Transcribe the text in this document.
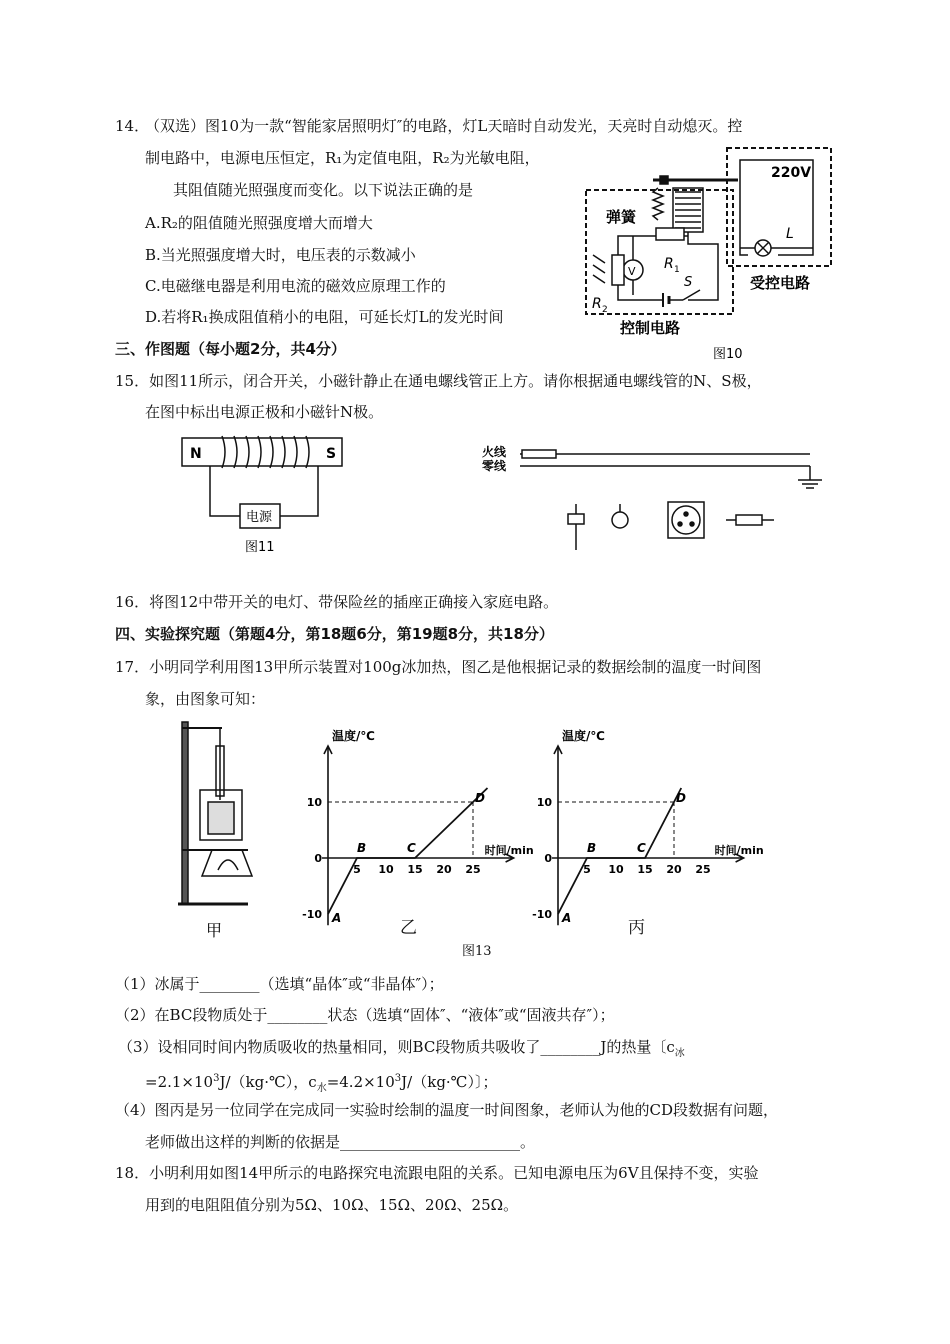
14．
（双选）图10为一款“智能家居照明灯″的电路，灯L天暗时自动发光，天亮时自动熄灭。控
制电路中，电源电压恒定，R₁为定值电阻，R₂为光敏电阻，
其阻值随光照强度而变化。以下说法正确的是
A.R₂的阻值随光照强度增大而增大
B.当光照强度增大时，电压表的示数减小
C.电磁继电器是利用电流的磁效应原理工作的
D.若将R₁换成阻值稍小的电阻，可延长灯L的发光时间
弹簧
220V
L
R 1
R 2
V
S	受控电路
控制电路
图10
三、作图题（每小题2分，共4分）
15．如图11所示，闭合开关，小磁针静止在通电螺线管正上方。请你根据通电螺线管的N、S极，
在图中标出电源正极和小磁针N极。
N	S
电源
图11
火线
零线
16．将图12中带开关的电灯、带保险丝的插座正确接入家庭电路。
四、实验探究题（第题4分，第18题6分，第19题8分，共18分）
17．小明同学利用图13甲所示装置对100g冰加热，图乙是他根据记录的数据绘制的温度一时间图
象，由图象可知：
甲
温度/℃
时间/min
10
0
-10
5 10 15 20 25
A
B	C
D
温度/℃
时间/min
10
0
-10
5 10 15 20 25
A
B	C
D
乙	丙
图13
（1）冰属于________（选填“晶体″或“非晶体″）；
（2）在BC段物质处于________状态（选填“固体″、“液体″或“固液共存″）；
（3）设相同时间内物质吸收的热量相同，则BC段物质共吸收了________J的热量〔$c_冰$
$=2.1\times 10^3J/(kg\cdot℃)$，$c_水=4.2\times 10^3J/(kg\cdot℃)$〕；
（4）图丙是另一位同学在完成同一实验时绘制的温度一时间图象，老师认为他的CD段数据有问题，
老师做出这样的判断的依据是________________________。
18．小明利用如图14甲所示的电路探究电流跟电阻的关系。已知电源电压为6V且保持不变，实验
用到的电阻阻值分别为5Ω、10Ω、15Ω、20Ω、25Ω。
